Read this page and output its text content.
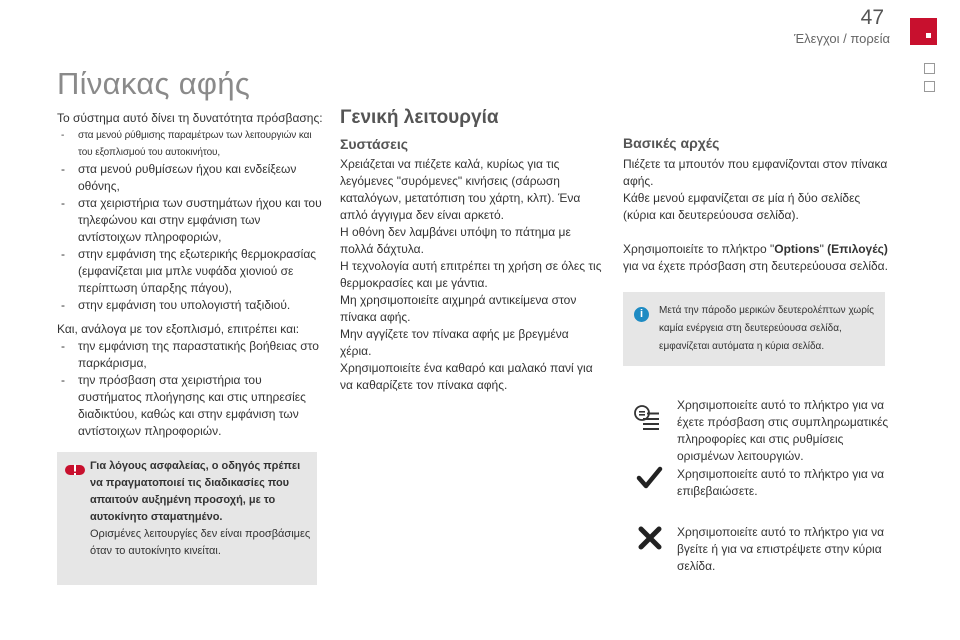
47
Έλεγχοι / πορεία
Πίνακας αφής

Το σύστημα αυτό δίνει τη δυνατότητα πρόσβασης:

- στα μενού ρύθμισης παραμέτρων των λειτουργιών και του εξοπλισμού του αυτοκινήτου,
- στα μενού ρυθμίσεων ήχου και ενδείξεων οθόνης,
- στα χειριστήρια των συστημάτων ήχου και του τηλεφώνου και στην εμφάνιση των αντίστοιχων πληροφοριών,
- στην εμφάνιση της εξωτερικής θερμοκρασίας (εμφανίζεται μια μπλε νυφάδα χιονιού σε περίπτωση ύπαρξης πάγου),
- στην εμφάνιση του υπολογιστή ταξιδιού.

Και, ανάλογα με τον εξοπλισμό, επιτρέπει και:

- την εμφάνιση της παραστατικής βοήθειας στο παρκάρισμα,
- την πρόσβαση στα χειριστήρια του συστήματος πλοήγησης και στις υπηρεσίες διαδικτύου, καθώς και στην εμφάνιση των αντίστοιχων πληροφοριών.
Για λόγους ασφαλείας, ο οδηγός πρέπει να πραγματοποιεί τις διαδικασίες που απαιτούν αυξημένη προσοχή, με το αυτοκίνητο σταματημένο.
Ορισμένες λειτουργίες δεν είναι προσβάσιμες όταν το αυτοκίνητο κινείται.
Γενική λειτουργία
Συστάσεις

Χρειάζεται να πιέζετε καλά, κυρίως για τις λεγόμενες "συρόμενες" κινήσεις (σάρωση καταλόγων, μετατόπιση του χάρτη, κλπ). Ένα απλό άγγιγμα δεν είναι αρκετό.

Η οθόνη δεν λαμβάνει υπόψη το πάτημα με πολλά δάχτυλα.

Η τεχνολογία αυτή επιτρέπει τη χρήση σε όλες τις θερμοκρασίες και με γάντια.

Μη χρησιμοποιείτε αιχμηρά αντικείμενα στον πίνακα αφής.

Μην αγγίζετε τον πίνακα αφής με βρεγμένα χέρια.

Χρησιμοποιείτε ένα καθαρό και μαλακό πανί για να καθαρίζετε τον πίνακα αφής.

Βασικές αρχές

Πιέζετε τα μπουτόν που εμφανίζονται στον πίνακα αφής.

Κάθε μενού εμφανίζεται σε μία ή δύο σελίδες (κύρια και δευτερεύουσα σελίδα).

Χρησιμοποιείτε το πλήκτρο "Options" (Επιλογές) για να έχετε πρόσβαση στη δευτερεύουσα σελίδα.

i	Μετά την πάροδο μερικών δευτερολέπτων χωρίς καμία ενέργεια στη δευτερεύουσα σελίδα, εμφανίζεται αυτόματα η κύρια σελίδα.
Χρησιμοποιείτε αυτό το πλήκτρο για να έχετε πρόσβαση στις συμπληρωματικές πληροφορίες και στις ρυθμίσεις ορισμένων λειτουργιών.
Χρησιμοποιείτε αυτό το πλήκτρο για να επιβεβαιώσετε.
Χρησιμοποιείτε αυτό το πλήκτρο για να βγείτε ή για να επιστρέψετε στην κύρια σελίδα.
